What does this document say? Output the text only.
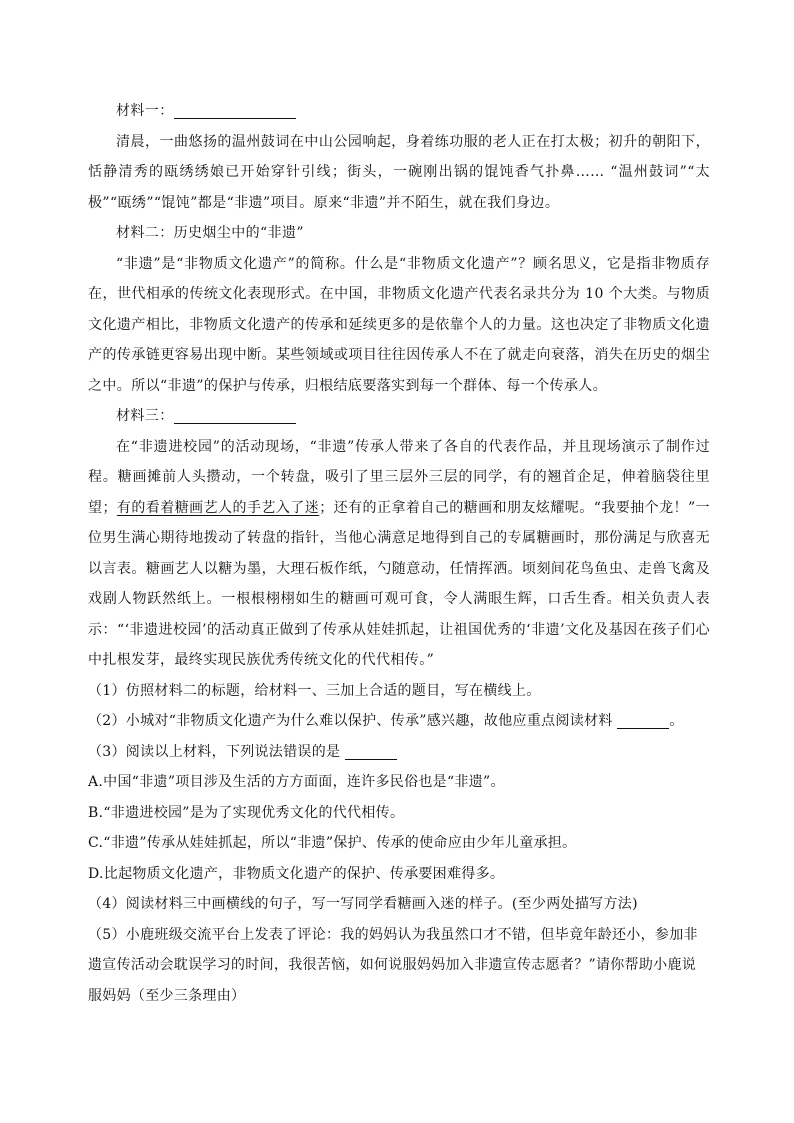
材料一：

清晨，一曲悠扬的温州鼓词在中山公园响起，身着练功服的老人正在打太极；初升的朝阳下，恬静清秀的瓯绣绣娘已开始穿针引线；街头，一碗刚出锅的馄饨香气扑鼻…… “温州鼓词”“太极”“瓯绣”“馄饨”都是“非遗”项目。原来“非遗”并不陌生，就在我们身边。

材料二：历史烟尘中的“非遗”

“非遗”是“非物质文化遗产”的简称。什么是“非物质文化遗产”？顾名思义，它是指非物质存在，世代相承的传统文化表现形式。在中国，非物质文化遗产代表名录共分为 10 个大类。与物质文化遗产相比，非物质文化遗产的传承和延续更多的是依靠个人的力量。这也决定了非物质文化遗产的传承链更容易出现中断。某些领域或项目往往因传承人不在了就走向衰落，消失在历史的烟尘之中。所以“非遗”的保护与传承，归根结底要落实到每一个群体、每一个传承人。

材料三：

在“非遗进校园”的活动现场，“非遗”传承人带来了各自的代表作品，并且现场演示了制作过程。糖画摊前人头攒动，一个转盘，吸引了里三层外三层的同学，有的翘首企足，伸着脑袋往里望；有的看着糖画艺人的手艺入了迷；还有的正拿着自己的糖画和朋友炫耀呢。“我要抽个龙！”一位男生满心期待地拨动了转盘的指针，当他心满意足地得到自己的专属糖画时，那份满足与欣喜无以言表。糖画艺人以糖为墨，大理石板作纸，勺随意动，任情挥洒。顷刻间花鸟鱼虫、走兽飞禽及戏剧人物跃然纸上。一根根栩栩如生的糖画可观可食，令人满眼生辉，口舌生香。相关负责人表示：“‘非遗进校园’的活动真正做到了传承从娃娃抓起，让祖国优秀的‘非遗’文化及基因在孩子们心中扎根发芽，最终实现民族优秀传统文化的代代相传。”

（1）仿照材料二的标题，给材料一、三加上合适的题目，写在横线上。

（2）小城对“非物质文化遗产为什么难以保护、传承”感兴趣，故他应重点阅读材料	。

（3）阅读以上材料，下列说法错误的是

A.中国“非遗”项目涉及生活的方方面面，连许多民俗也是“非遗”。

B.“非遗进校园”是为了实现优秀文化的代代相传。

C.“非遗”传承从娃娃抓起，所以“非遗”保护、传承的使命应由少年儿童承担。

D.比起物质文化遗产，非物质文化遗产的保护、传承要困难得多。

（4）阅读材料三中画横线的句子，写一写同学看糖画入迷的样子。(至少两处描写方法)

（5）小鹿班级交流平台上发表了评论：我的妈妈认为我虽然口才不错，但毕竟年龄还小，参加非遗宣传活动会耽误学习的时间，我很苦恼，如何说服妈妈加入非遗宣传志愿者？”请你帮助小鹿说服妈妈（至少三条理由）
